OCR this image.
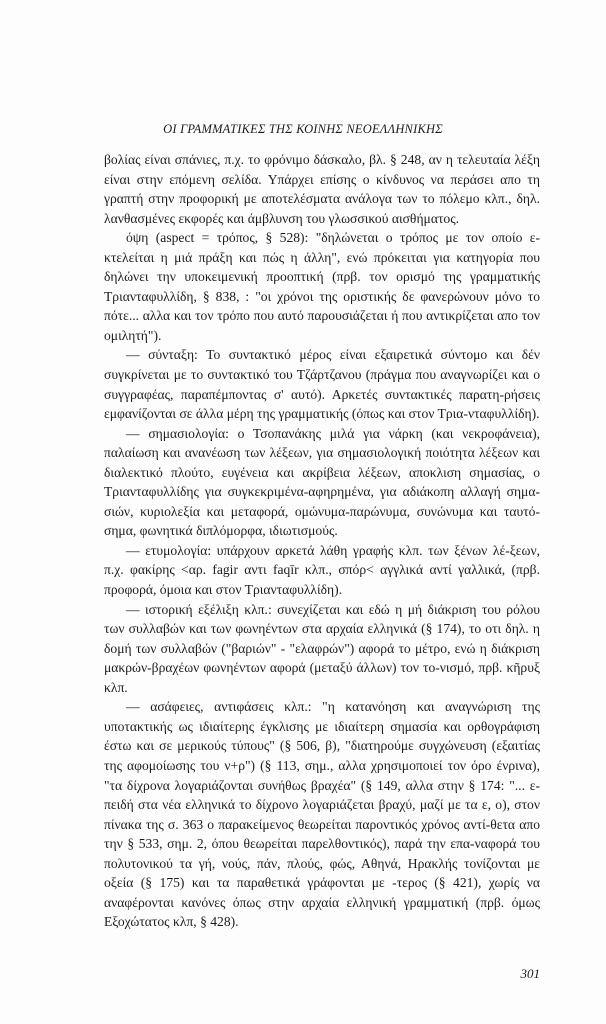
ΟΙ ΓΡΑΜΜΑΤΙΚΕΣ ΤΗΣ ΚΟΙΝΗΣ ΝΕΟΕΛΛΗΝΙΚΗΣ

βολίας είναι σπάνιες, π.χ. το φρόνιμο δάσκαλο, βλ. § 248, αν η τελευταία λέξη είναι στην επόμενη σελίδα. Υπάρχει επίσης ο κίνδυνος να περάσει απο τη γραπτή στην προφορική με αποτελέσματα ανάλογα των το πόλεμο κλπ., δηλ. λανθασμένες εκφορές και άμβλυνση του γλωσσικού αισθήματος.

όψη (aspect = τρόπος, § 528): "δηλώνεται ο τρόπος με τον οποίο ε-κτελείται η μιά πράξη και πώς η άλλη", ενώ πρόκειται για κατηγορία που δηλώνει την υποκειμενική προοπτική (πρβ. τον ορισμό της γραμματικής Τριανταφυλλίδη, § 838, : "οι χρόνοι της οριστικής δε φανερώνουν μόνο το πότε... αλλα και τον τρόπο που αυτό παρουσιάζεται ή που αντικρίζεται απο τον ομιλητή").

— σύνταξη: Το συντακτικό μέρος είναι εξαιρετικά σύντομο και δέν συγκρίνεται με το συντακτικό του Τζάρτζανου (πράγμα που αναγνωρίζει και ο συγγραφέας, παραπέμποντας σ' αυτό). Αρκετές συντακτικές παρατη-ρήσεις εμφανίζονται σε άλλα μέρη της γραμματικής (όπως και στον Τρια-νταφυλλίδη).

— σημασιολογία: ο Τσοπανάκης μιλά για νάρκη (και νεκροφάνεια), παλαίωση και ανανέωση των λέξεων, για σημασιολογική ποιότητα λέξεων και διαλεκτικό πλούτο, ευγένεια και ακρίβεια λέξεων, αποκλιση σημασίας, ο Τριανταφυλλίδης για συγκεκριμένα-αφηρημένα, για αδιάκοπη αλλαγή σημα-σιών, κυριολεξία και μεταφορά, ομώνυμα-παρώνυμα, συνώνυμα και ταυτό-σημα, φωνητικά διπλόμορφα, ιδιωτισμούς.

— ετυμολογία: υπάρχουν αρκετά λάθη γραφής κλπ. των ξένων λέ-ξεων, π.χ. φακίρης <αρ. fagir αντι faqīr κλπ., σπόρ< αγγλικά αντί γαλλικά, (πρβ. προφορά, όμοια και στον Τριανταφυλλίδη).

— ιστορική εξέλιξη κλπ.: συνεχίζεται και εδώ η μή διάκριση του ρόλου των συλλαβών και των φωνηέντων στα αρχαία ελληνικά (§ 174), το οτι δηλ. η δομή των συλλαβών ("βαριών" - "ελαφρών") αφορά το μέτρο, ενώ η διάκριση μακρών-βραχέων φωνηέντων αφορά (μεταξύ άλλων) τον το-νισμό, πρβ. κῆρυξ κλπ.

— ασάφειες, αντιφάσεις κλπ.: "η κατανόηση και αναγνώριση της υποτακτικής ως ιδιαίτερης έγκλισης με ιδιαίτερη σημασία και ορθογράφιση έστω και σε μερικούς τύπους" (§ 506, β), "διατηρούμε συγχώνευση (εξαιτίας της αφομοίωσης του ν+ρ") (§ 113, σημ., αλλα χρησιμοποιεί τον όρο ένρινα), "τα δίχρονα λογαριάζονται συνήθως βραχέα" (§ 149, αλλα στην § 174: "... ε-πειδή στα νέα ελληνικά το δίχρονο λογαριάζεται βραχύ, μαζί με τα ε, ο), στον πίνακα της σ. 363 ο παρακείμενος θεωρείται παροντικός χρόνος αντί-θετα απο την § 533, σημ. 2, όπου θεωρείται παρελθοντικός), παρά την επα-ναφορά του πολυτονικού τα γή, νούς, πάν, πλούς, φώς, Αθηνά, Ηρακλής τονίζονται με οξεία (§ 175) και τα παραθετικά γράφονται με -τερος (§ 421), χωρίς να αναφέρονται κανόνες όπως στην αρχαία ελληνική γραμματική (πρβ. όμως Εξοχώτατος κλπ, § 428).

301
